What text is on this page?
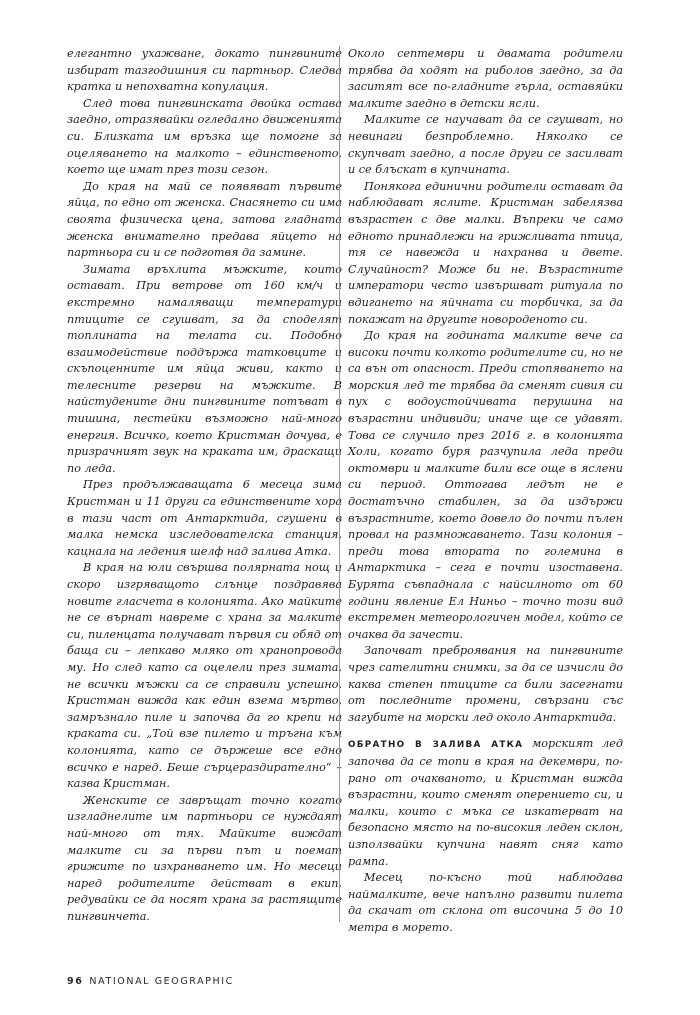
елегантно ухажване, докато пингвините избират тазгодишния си партньор. Следва кратка и непохватна копулация.

След това пингвинската двойка остава заедно, отразявайки огледално движенията си. Близката им връзка ще помогне за оцеляването на малкото – единственото, което ще имат през този сезон.

До края на май се появяват първите яйца, по едно от женска. Снасянето си има своята физическа цена, затова гладната женска внимателно предава яйцето на партньора си и се подготвя да замине.

Зимата връхлита мъжките, които остават. При ветрове от 160 км/ч и екстремно намаляващи температури птиците се сгушват, за да споделят топлината на телата си. Подобно взаимодействие поддържа татковците и скъпоценните им яйца живи, както и телесните резерви на мъжките. В найстудените дни пингвините потъват в тишина, пестейки възможно най-много енергия. Всичко, което Кристман дочува, е призрачният звук на краката им, драскащи по леда.

През продължаващата 6 месеца зима Кристман и 11 други са единствените хора в тази част от Антарктида, сгушени в малка немска изследователска станция, кацнала на ледения шелф над залива Атка.

В края на юли свършва полярната нощ и скоро изгряващото слънце поздравява новите гласчета в колонията. Ако майките не се върнат навреме с храна за малките си, пиленцата получават първия си обяд от баща си – лепкаво мляко от хранопровода му. Но след като са оцелели през зимата, не всички мъжки са се справили успешно. Кристман вижда как един взема мъртво, замръзнало пиле и започва да го крепи на краката си. „Той взе пилето и тръгна към колонията, като се държеше все едно всичко е наред. Беше сърцераздирателно“ – казва Кристман.

Женските се завръщат точно когато изгладнелите им партньори се нуждаят най-много от тях. Майките виждат малките си за първи път и поемат грижите по изхранването им. Но месеци наред родителите действат в екип, редувайки се да носят храна за растящите пингвинчета.

Около септември и двамата родители трябва да ходят на риболов заедно, за да заситят все по-гладните гърла, оставяйки малките заедно в детски ясли.

Малките се научават да се сгушват, но невинаги безпроблемно. Няколко се скупчват заедно, а после други се засилват и се блъскат в купчината.

Понякога единични родители остават да наблюдават яслите. Кристман забелязва възрастен с две малки. Въпреки че само едното принадлежи на грижливата птица, тя се навежда и нахранва и двете. Случайност? Може би не. Възрастните императори често извършват ритуала по вдигането на яйчната си торбичка, за да покажат на другите новороденото си.

До края на годината малките вече са високи почти колкото родителите си, но не са вън от опасност. Преди стопяването на морския лед те трябва да сменят сивия си пух с водоустойчивата перушина на възрастни индивиди; иначе ще се удавят. Това се случило през 2016 г. в колонията Холи, когато буря разчупила леда преди октомври и малките били все още в яслени си период. Оттогава ледът не е достатъчно стабилен, за да издържи възрастните, което довело до почти пълен провал на размножаването. Тази колония – преди това втората по големина в Антарктика – сега е почти изоставена. Бурята съвпаднала с найсилното от 60 години явление Ел Ниньо – точно този вид екстремен метеорологичен модел, който се очаква да зачести.

Започват преброявания на пингвините чрез сателитни снимки, за да се изчисли до каква степен птиците са били засегнати от последните промени, свързани със загубите на морски лед около Антарктида.

ОБРАТНО В ЗАЛИВА АТКА морският лед започва да се топи в края на декември, по-рано от очакваното, и Кристман вижда възрастни, които сменят оперението си, и малки, които с мъка се изкатерват на безопасно място на по-високия леден склон, използвайки купчина навят сняг като рампа.

Месец по-късно той наблюдава наймалките, вече напълно развити пилета да скачат от склона от височина 5 до 10 метра в морето.

96 NATIONAL GEOGRAPHIC
